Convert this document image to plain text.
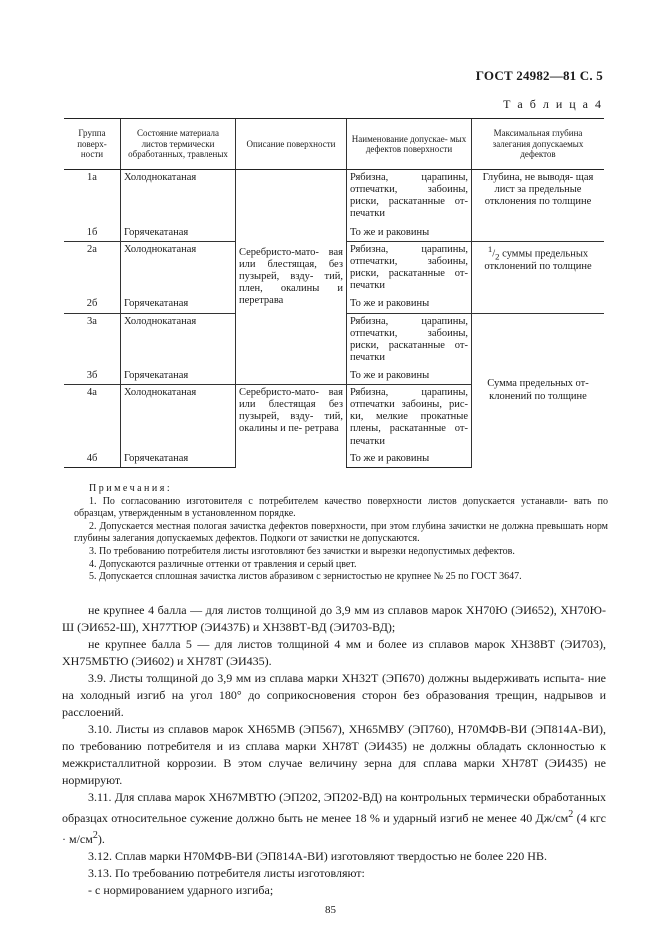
ГОСТ 24982—81 С. 5
Т а б л и ц а 4
Группа поверх- ности	Состояние материала листов термически обработанных, травленых	Описание поверхности	Наименование допускае- мых дефектов поверхности	Максимальная глубина залегания допускаемых дефектов
1а	Холоднокатаная	Серебристо-мато- вая или блестящая, без пузырей, взду- тий, плен, окалины и перетрава	Рябизна, царапины, отпечатки, забоины, риски, раскатанные от- печатки	Глубина, не выводя- щая лист за предельные отклонения по толщине
1б	Горячекатаная		То же и раковины	
2а	Холоднокатаная		Рябизна, царапины, отпечатки, забоины, риски, раскатанные от- печатки	$^1/_2$ суммы предельных отклонений по толщине
2б	Горячекатаная		То же и раковины	
3а	Холоднокатаная		Рябизна, царапины, отпечатки, забоины, риски, раскатанные от- печатки	Сумма предельных от- клонений по толщине
3б	Горячекатаная		То же и раковины	
4а	Холоднокатаная	Серебристо-мато- вая или блестящая без пузырей, взду- тий, окалины и пе- ретрава	Рябизна, царапины, отпечатки забоины, рис- ки, мелкие прокатные плены, раскатанные от- печатки	
4б	Горячекатаная		То же и раковины	
Примечания:

1. По согласованию изготовителя с потребителем качество поверхности листов допускается устанавли- вать по образцам, утвержденным в установленном порядке.

2. Допускается местная пологая зачистка дефектов поверхности, при этом глубина зачистки не должна превышать норм глубины залегания допускаемых дефектов. Подкоги от зачистки не допускаются.

3. По требованию потребителя листы изготовляют без зачистки и вырезки недопустимых дефектов.

4. Допускаются различные оттенки от травления и серый цвет.

5. Допускается сплошная зачистка листов абразивом с зернистостью не крупнее № 25 по ГОСТ 3647.

не крупнее 4 балла — для листов толщиной до 3,9 мм из сплавов марок ХН70Ю (ЭИ652), ХН70Ю-Ш (ЭИ652-Ш), ХН77ТЮР (ЭИ437Б) и ХН38ВТ-ВД (ЭИ703-ВД);

не крупнее балла 5 — для листов толщиной 4 мм и более из сплавов марок ХН38ВТ (ЭИ703), ХН75МБТЮ (ЭИ602) и ХН78Т (ЭИ435).

3.9. Листы толщиной до 3,9 мм из сплава марки ХН32Т (ЭП670) должны выдерживать испыта- ние на холодный изгиб на угол 180° до соприкосновения сторон без образования трещин, надрывов и расслоений.

3.10. Листы из сплавов марок ХН65МВ (ЭП567), ХН65МВУ (ЭП760), Н70МФВ-ВИ (ЭП814А-ВИ), по требованию потребителя и из сплава марки ХН78Т (ЭИ435) не должны обладать склонностью к межкристаллитной коррозии. В этом случае величину зерна для сплава марки ХН78Т (ЭИ435) не нормируют.

3.11. Для сплава марок ХН67МВТЮ (ЭП202, ЭП202-ВД) на контрольных термически обработанных образцах относительное сужение должно быть не менее 18 % и ударный изгиб не менее 40 $Дж/см^2$ (4 кгс · $м/см^2$).

3.12. Сплав марки Н70МФВ-ВИ (ЭП814А-ВИ) изготовляют твердостью не более 220 НВ.

3.13. По требованию потребителя листы изготовляют:

- с нормированием ударного изгиба;

85
